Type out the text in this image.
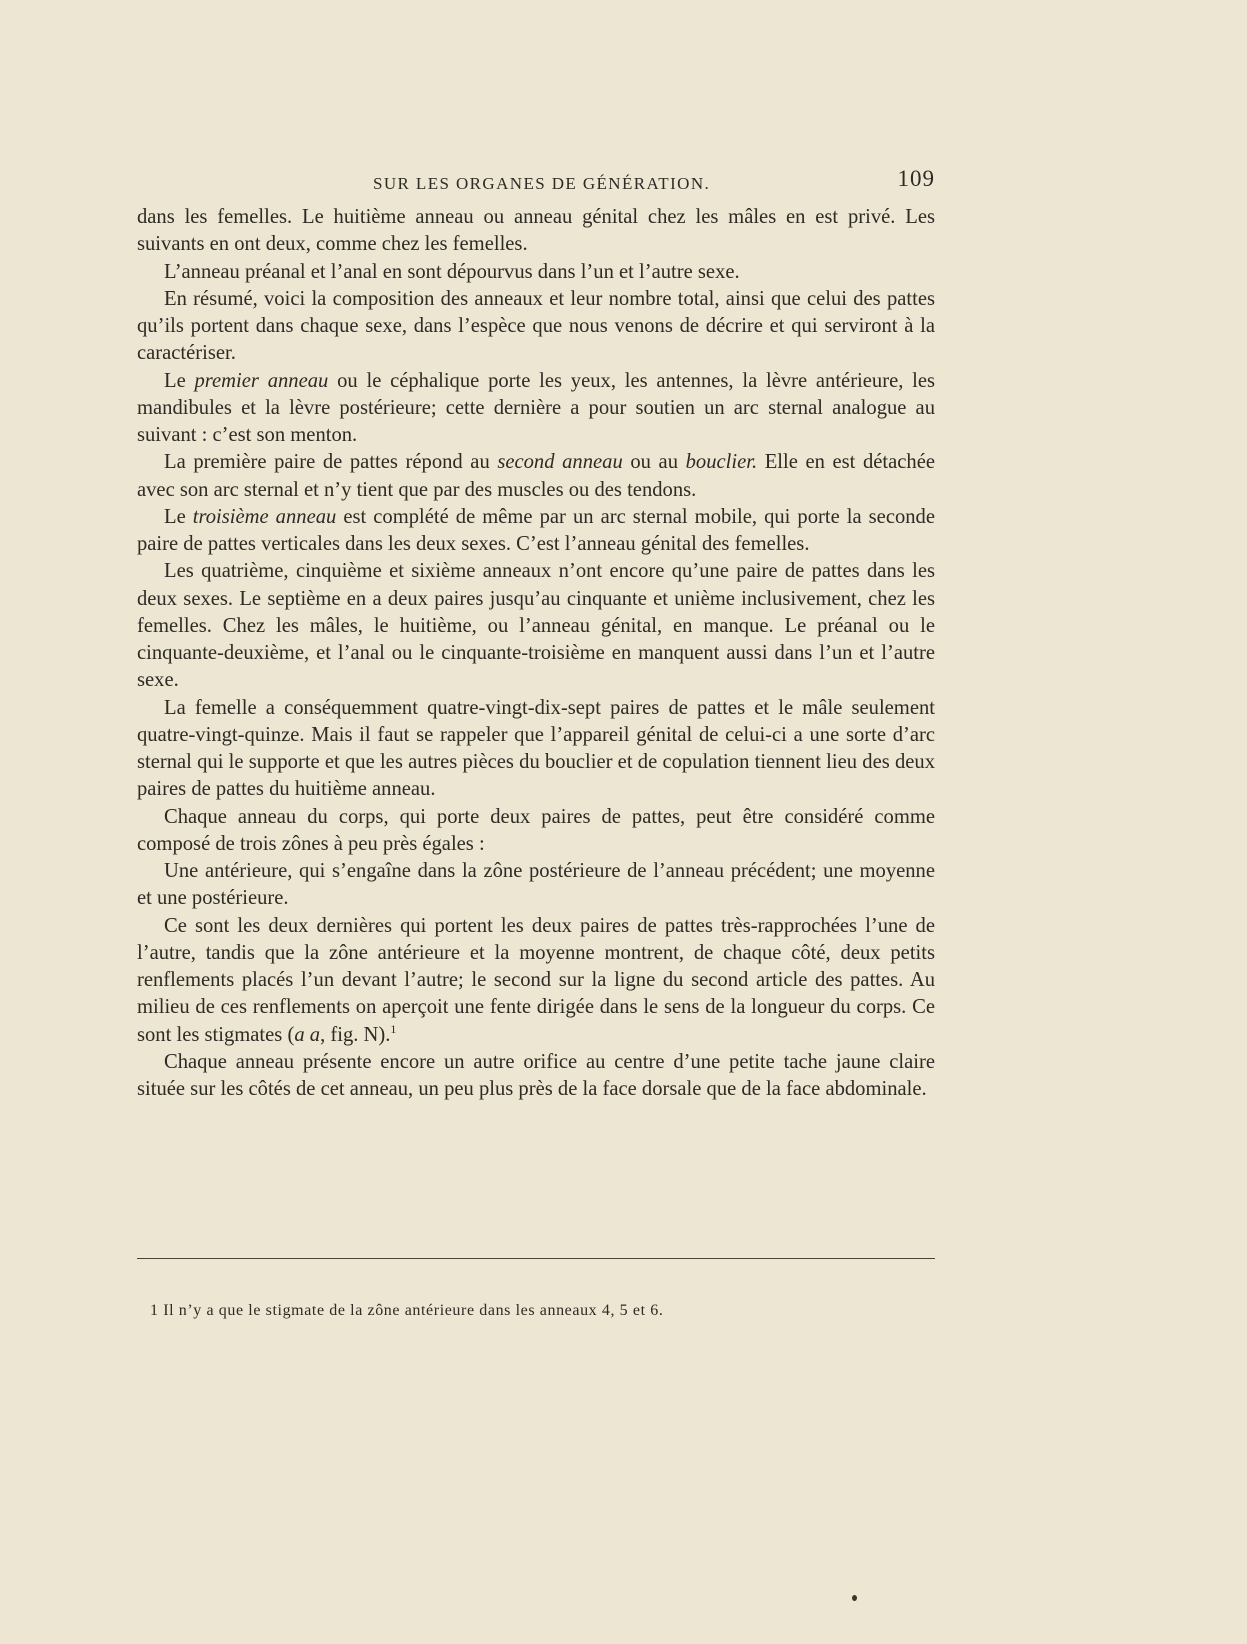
SUR LES ORGANES DE GÉNÉRATION.	109

dans les femelles. Le huitième anneau ou anneau génital chez les mâles en est privé. Les suivants en ont deux, comme chez les femelles.

L’anneau préanal et l’anal en sont dépourvus dans l’un et l’autre sexe.

En résumé, voici la composition des anneaux et leur nombre total, ainsi que celui des pattes qu’ils portent dans chaque sexe, dans l’espèce que nous venons de décrire et qui serviront à la caractériser.

Le premier anneau ou le céphalique porte les yeux, les antennes, la lèvre antérieure, les mandibules et la lèvre postérieure; cette dernière a pour soutien un arc sternal analogue au suivant : c’est son menton.

La première paire de pattes répond au second anneau ou au bouclier. Elle en est détachée avec son arc sternal et n’y tient que par des muscles ou des tendons.

Le troisième anneau est complété de même par un arc sternal mobile, qui porte la seconde paire de pattes verticales dans les deux sexes. C’est l’anneau génital des femelles.

Les quatrième, cinquième et sixième anneaux n’ont encore qu’une paire de pattes dans les deux sexes. Le septième en a deux paires jusqu’au cinquante et unième inclusivement, chez les femelles. Chez les mâles, le huitième, ou l’anneau génital, en manque. Le préanal ou le cinquante-deuxième, et l’anal ou le cinquante-troisième en manquent aussi dans l’un et l’autre sexe.

La femelle a conséquemment quatre-vingt-dix-sept paires de pattes et le mâle seulement quatre-vingt-quinze. Mais il faut se rappeler que l’appareil génital de celui-ci a une sorte d’arc sternal qui le supporte et que les autres pièces du bouclier et de copulation tiennent lieu des deux paires de pattes du huitième anneau.

Chaque anneau du corps, qui porte deux paires de pattes, peut être considéré comme composé de trois zônes à peu près égales :

Une antérieure, qui s’engaîne dans la zône postérieure de l’anneau précédent; une moyenne et une postérieure.

Ce sont les deux dernières qui portent les deux paires de pattes très-rapprochées l’une de l’autre, tandis que la zône antérieure et la moyenne montrent, de chaque côté, deux petits renflements placés l’un devant l’autre; le second sur la ligne du second article des pattes. Au milieu de ces renflements on aperçoit une fente dirigée dans le sens de la longueur du corps. Ce sont les stigmates (a a, fig. N).$^1$

Chaque anneau présente encore un autre orifice au centre d’une petite tache jaune claire située sur les côtés de cet anneau, un peu plus près de la face dorsale que de la face abdominale.

1 Il n’y a que le stigmate de la zône antérieure dans les anneaux 4, 5 et 6.
